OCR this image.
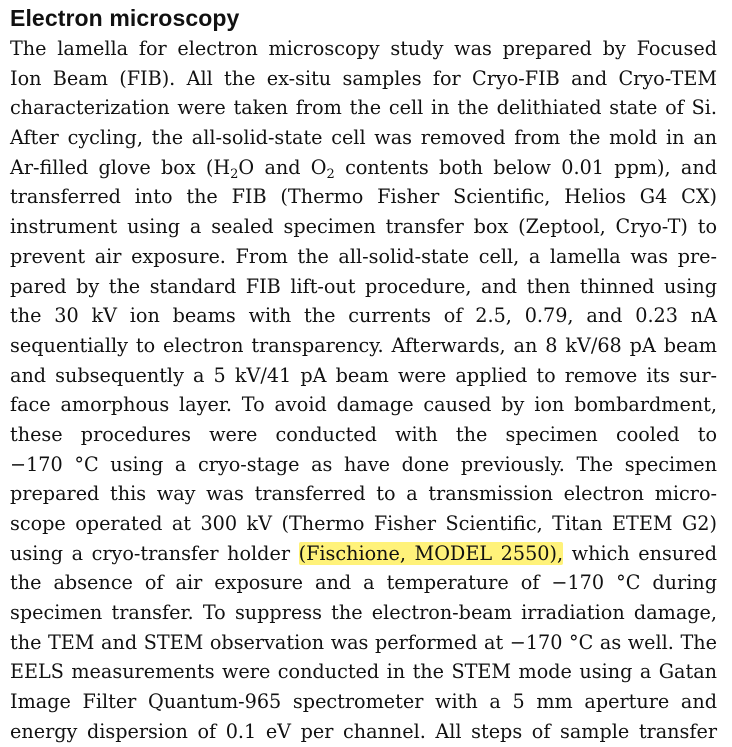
Electron microscopy
The lamella for electron microscopy study was prepared by Focused
Ion Beam (FIB). All the ex-situ samples for Cryo-FIB and Cryo-TEM
characterization were taken from the cell in the delithiated state of Si.
After cycling, the all-solid-state cell was removed from the mold in an
Ar-filled glove box ($H_2O$ and $O_2$ contents both below 0.01 ppm), and
transferred into the FIB (Thermo Fisher Scientific, Helios G4 CX)
instrument using a sealed specimen transfer box (Zeptool, Cryo-T) to
prevent air exposure. From the all-solid-state cell, a lamella was pre-
pared by the standard FIB lift-out procedure, and then thinned using
the 30 kV ion beams with the currents of 2.5, 0.79, and 0.23 nA
sequentially to electron transparency. Afterwards, an 8 kV/68 pA beam
and subsequently a 5 kV/41 pA beam were applied to remove its sur-
face amorphous layer. To avoid damage caused by ion bombardment,
these procedures were conducted with the specimen cooled to
−170 °C using a cryo-stage as have done previously. The specimen
prepared this way was transferred to a transmission electron micro-
scope operated at 300 kV (Thermo Fisher Scientific, Titan ETEM G2)
using a cryo-transfer holder (Fischione, MODEL 2550), which ensured
the absence of air exposure and a temperature of −170 °C during
specimen transfer. To suppress the electron-beam irradiation damage,
the TEM and STEM observation was performed at −170 °C as well. The
EELS measurements were conducted in the STEM mode using a Gatan
Image Filter Quantum-965 spectrometer with a 5 mm aperture and
energy dispersion of 0.1 eV per channel. All steps of sample transfer
